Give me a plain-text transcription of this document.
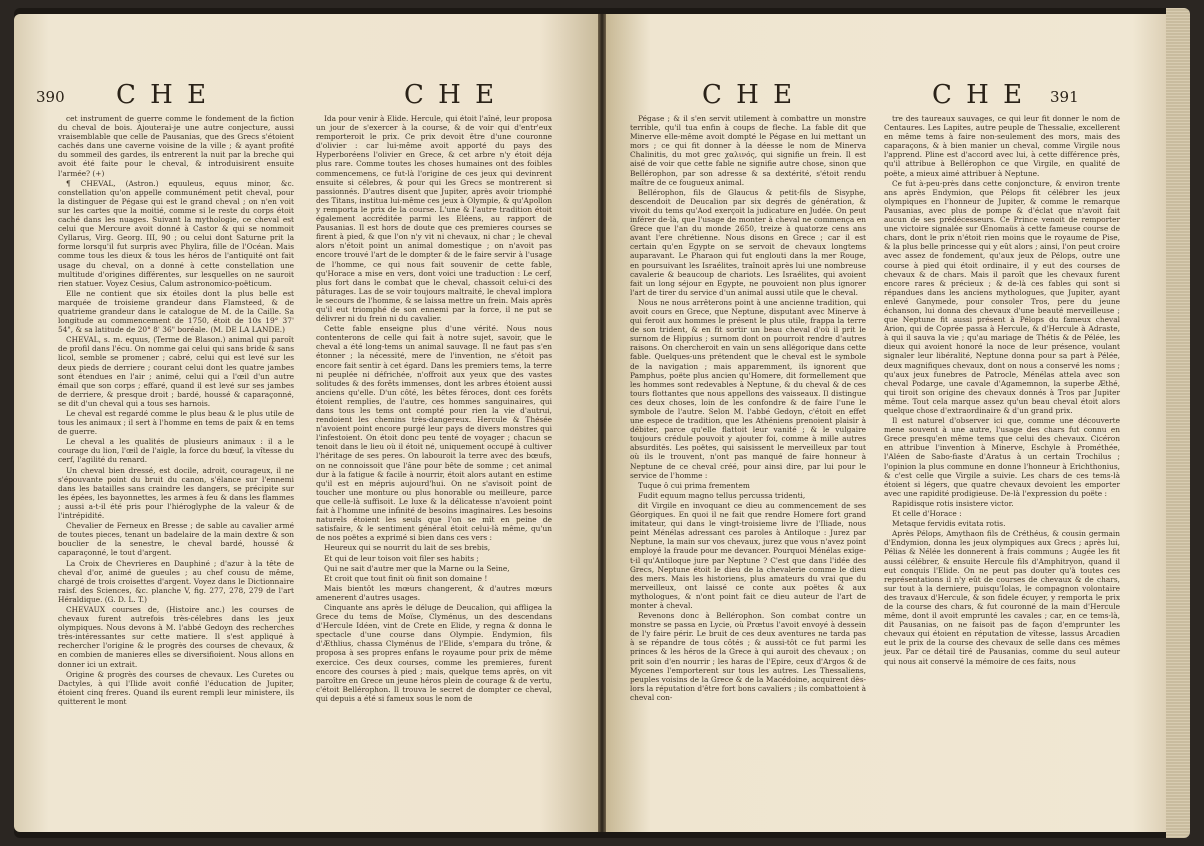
390 C H E	C H E

cet instrument de guerre comme le fondement de la fiction du cheval de bois. Ajouterai-je une autre conjecture, aussi vraisemblable que celle de Pausanias, que des Grecs s'étoient cachés dans une caverne voisine de la ville ; & ayant profité du sommeil des gardes, ils entrerent la nuit par la breche qui avoit été faite pour le cheval, & introduisirent ensuite l'armée? (+)

¶ CHEVAL, (Astron.) equuleus, equus minor, &c. constellation qu'on appelle communément petit cheval, pour la distinguer de Pégase qui est le grand cheval ; on n'en voit sur les cartes que la moitié, comme si le reste du corps étoit caché dans les nuages. Suivant la mythologie, ce cheval est celui que Mercure avoit donné à Castor & qui se nommoit Cyllarus, Virg. Georg. III, 90 ; ou celui dont Saturne prit la forme lorsqu'il fut surpris avec Phylira, fille de l'Océan. Mais comme tous les dieux & tous les héros de l'antiquité ont fait usage du cheval, on a donné à cette constellation une multitude d'origines différentes, sur lesquelles on ne sauroit rien statuer. Voyez Cesius, Calum astronomico-poëticum.

Elle ne contient que six étoiles dont la plus belle est marquée de troisieme grandeur dans Flamsteed, & de quatrieme grandeur dans le catalogue de M. de la Caille. Sa longitude au commencement de 1750, étoit de 10s 19° 37' 54", & sa latitude de 20° 8' 36" boréale. (M. DE LA LANDE.)

CHEVAL, s. m. equus, (Terme de Blason.) animal qui paroît de profil dans l'écu. On nomme gai celui qui sans bride & sans licol, semble se promener ; cabré, celui qui est levé sur les deux pieds de derriere ; courant celui dont les quatre jambes sont étendues en l'air ; animé, celui qui a l'œil d'un autre émail que son corps ; effaré, quand il est levé sur ses jambes de derriere, & presque droit ; bardé, houssé & caparaçonné, se dit d'un cheval qui a tous ses harnois.

Le cheval est regardé comme le plus beau & le plus utile de tous les animaux ; il sert à l'homme en tems de paix & en tems de guerre.

Le cheval a les qualités de plusieurs animaux : il a le courage du lion, l'œil de l'aigle, la force du bœuf, la vîtesse du cerf, l'agilité du renard.

Un cheval bien dressé, est docile, adroit, courageux, il ne s'épouvante point du bruit du canon, s'élance sur l'ennemi dans les batailles sans craindre les dangers, se précipite sur les épées, les bayonnettes, les armes à feu & dans les flammes ; aussi a-t-il été pris pour l'hiéroglyphe de la valeur & de l'intrépidité.

Chevalier de Ferneux en Bresse ; de sable au cavalier armé de toutes pieces, tenant un badelaire de la main dextre & son bouclier de la senestre, le cheval bardé, houssé & caparaçonné, le tout d'argent.

La Croix de Chevrieres en Dauphiné ; d'azur à la tête de cheval d'or, animé de gueules ; au chef cousu de même, chargé de trois croisettes d'argent. Voyez dans le Dictionnaire raisf. des Sciences, &c. planche V, fig. 277, 278, 279 de l'art Héraldique. (G. D. L. T.)

CHEVAUX courses de, (Histoire anc.) les courses de chevaux furent autrefois très-célebres dans les jeux olympiques. Nous devons à M. l'abbé Gedoyn des recherches très-intéressantes sur cette matiere. Il s'est appliqué à rechercher l'origine & le progrès des courses de chevaux, & en combien de manieres elles se diversifioient. Nous allons en donner ici un extrait.

Origine & progrès des courses de chevaux. Les Curetes ou Dactyles, à qui l'Ilide avoit confié l'éducation de Jupiter, étoient cinq freres. Quand ils eurent rempli leur ministere, ils quitterent le mont

Ida pour venir à Elide. Hercule, qui étoit l'aîné, leur proposa un jour de s'exercer à la course, & de voir qui d'entr'eux remporteroit le prix. Ce prix devoit être d'une couronne d'olivier : car lui-même avoit apporté du pays des Hyperboréens l'olivier en Grece, & cet arbre n'y étoit déja plus rare. Comme toutes les choses humaines ont des foibles commencemens, ce fut-là l'origine de ces jeux qui devinrent ensuite si célebres, & pour qui les Grecs se montrerent si passionnés. D'autres disent que Jupiter, après avoir triomphé des Titans, institua lui-même ces jeux à Olympie, & qu'Apollon y remporta le prix de la course. L'une & l'autre tradition étoit également accréditée parmi les Eléens, au rapport de Pausanias. Il est hors de doute que ces premieres courses se firent à pied, & que l'on n'y vit ni chevaux, ni char ; le cheval alors n'étoit point un animal domestique ; on n'avoit pas encore trouvé l'art de le dompter & de le faire servir à l'usage de l'homme, ce qui nous fait souvenir de cette fable, qu'Horace a mise en vers, dont voici une traduction : Le cerf, plus fort dans le combat que le cheval, chassoit celui-ci des pâturages. Las de se voir toujours maltraité, le cheval implora le secours de l'homme, & se laissa mettre un frein. Mais après qu'il eut triomphé de son ennemi par la force, il ne put se délivrer ni du frein ni du cavalier.

Cette fable enseigne plus d'une vérité. Nous nous contenterons de celle qui fait à notre sujet, savoir, que le cheval a été long-tems un animal sauvage. Il ne faut pas s'en étonner ; la nécessité, mere de l'invention, ne s'étoit pas encore fait sentir à cet égard. Dans les premiers tems, la terre ni peuplée ni défrichée, n'offroit aux yeux que des vastes solitudes & des forêts immenses, dont les arbres étoient aussi anciens qu'elle. D'un côté, les bêtes féroces, dont ces forêts étoient remplies, de l'autre, ces hommes sanguinaires, qui dans tous les tems ont compté pour rien la vie d'autrui, rendoient les chemins très-dangereux. Hercule & Thésée n'avoient point encore purgé leur pays de divers monstres qui l'infestoient. On étoit donc peu tenté de voyager ; chacun se tenoit dans le lieu où il étoit né, uniquement occupé à cultiver l'héritage de ses peres. On labouroit la terre avec des bœufs, on ne connoissoit que l'âne pour bête de somme ; cet animal dur à la fatigue & facile à nourrir, étoit alors autant en estime qu'il est en mépris aujourd'hui. On ne s'avisoit point de toucher une monture ou plus honorable ou meilleure, parce que celle-là suffisoit. Le luxe & la délicatesse n'avoient point fait à l'homme une infinité de besoins imaginaires. Les besoins naturels étoient les seuls que l'on se mît en peine de satisfaire, & le sentiment général étoit celui-là même, qu'un de nos poëtes a exprimé si bien dans ces vers :

Heureux qui se nourrit du lait de ses brebis,

Et qui de leur toison voit filer ses habits ;

Qui ne sait d'autre mer que la Marne ou la Seine,

Et croit que tout finit où finit son domaine !

Mais bientôt les mœurs changerent, & d'autres mœurs amenerent d'autres usages.

Cinquante ans après le déluge de Deucalion, qui affligea la Grece du tems de Moïse, Clyménus, un des descendans d'Hercule Idéen, vint de Crete en Elide, y regna & donna le spectacle d'une course dans Olympie. Endymion, fils d'Æthlius, chassa Clyménus de l'Elide, s'empara du trône, & proposa à ses propres enfans le royaume pour prix de même exercice. Ces deux courses, comme les premieres, furent encore des courses à pied ; mais, quelque tems après, on vit paroître en Grece un jeune héros plein de courage & de vertu, c'étoit Bellérophon. Il trouva le secret de dompter ce cheval, qui depuis a été si fameux sous le nom de

C H E	C H E 391

Pégase ; & il s'en servit utilement à combattre un monstre terrible, qu'il tua enfin à coups de fleche. La fable dit que Minerve elle-même avoit dompté le Pégase en lui mettant un mors ; ce qui fit donner à la déesse le nom de Minerva Chalinitis, du mot grec χαλινός, qui signifie un frein. Il est aisé de voir que cette fable ne signifie autre chose, sinon que Bellérophon, par son adresse & sa dextérité, s'étoit rendu maître de ce fougueux animal.

Bellérophon, fils de Glaucus & petit-fils de Sisyphe, descendoit de Deucalion par six degrés de génération, & vivoit du tems qu'Aod exerçoit la judicature en Judée. On peut inférer de-là, que l'usage de monter à cheval ne commença en Grece que l'an du monde 2650, treize à quatorze cens ans avant l'ere chrétienne. Nous disons en Grece ; car il est certain qu'en Egypte on se servoit de chevaux longtems auparavant. Le Pharaon qui fut englouti dans la mer Rouge, en poursuivant les Israélites, traînoit après lui une nombreuse cavalerie & beaucoup de chariots. Les Israélites, qui avoient fait un long séjour en Egypte, ne pouvoient non plus ignorer l'art de tirer du service d'un animal aussi utile que le cheval.

Nous ne nous arrêterons point à une ancienne tradition, qui avoit cours en Grece, que Neptune, disputant avec Minerve à qui feroit aux hommes le présent le plus utile, frappa la terre de son trident, & en fit sortir un beau cheval d'où il prit le surnom de Hippius ; surnom dont on pourroit rendre d'autres raisons. On chercheroit en vain un sens allégorique dans cette fable. Quelques-uns prétendent que le cheval est le symbole de la navigation ; mais apparemment, ils ignorent que Pamphus, poëte plus ancien qu'Homere, dit formellement que les hommes sont redevables à Neptune, & du cheval & de ces tours flottantes que nous appellons des vaisseaux. Il distingue ces deux choses, loin de les confondre & de faire l'une le symbole de l'autre. Selon M. l'abbé Gedoyn, c'étoit en effet une espece de tradition, que les Athéniens prenoient plaisir à débiter, parce qu'elle flattoit leur vanité ; & le vulgaire toujours crédule pouvoit y ajouter foi, comme à mille autres absurdités. Les poëtes, qui saisissent le merveilleux par tout où ils le trouvent, n'ont pas manqué de faire honneur à Neptune de ce cheval créé, pour ainsi dire, par lui pour le service de l'homme :

Tuque ô cui prima frementem

Fudit equum magno tellus percussa tridenti,

dit Virgile en invoquant ce dieu au commencement de ses Géorgiques. En quoi il ne fait que rendre Homere fort grand imitateur, qui dans le vingt-troisieme livre de l'Iliade, nous peint Ménélas adressant ces paroles à Antiloque : Jurez par Neptune, la main sur vos chevaux, jurez que vous n'avez point employé la fraude pour me devancer. Pourquoi Ménélas exige-t-il qu'Antiloque jure par Neptune ? C'est que dans l'idée des Grecs, Neptune étoit le dieu de la chevalerie comme le dieu des mers. Mais les historiens, plus amateurs du vrai que du merveilleux, ont laissé ce conte aux poëtes & aux mythologues, & n'ont point fait ce dieu auteur de l'art de monter à cheval.

Revenons donc à Bellérophon. Son combat contre un monstre se passa en Lycie, où Prœtus l'avoit envoyé à dessein de l'y faire périr. Le bruit de ces deux aventures ne tarda pas à se répandre de tous côtés ; & aussi-tôt ce fut parmi les princes & les héros de la Grece à qui auroit des chevaux ; on prit soin d'en nourrir ; les haras de l'Epire, ceux d'Argos & de Mycenes l'emporterent sur tous les autres. Les Thessaliens, peuples voisins de la Grece & de la Macédoine, acquirent dès-lors la réputation d'être fort bons cavaliers ; ils combattoient à cheval con-

tre des taureaux sauvages, ce qui leur fit donner le nom de Centaures. Les Lapites, autre peuple de Thessalie, excellerent en même tems à faire non-seulement des mors, mais des caparaçons, & à bien manier un cheval, comme Virgile nous l'apprend. Pline est d'accord avec lui, à cette différence près, qu'il attribue à Bellérophon ce que Virgile, en qualité de poëte, a mieux aimé attribuer à Neptune.

Ce fut à-peu-près dans cette conjoncture, & environ trente ans après Endymion, que Pélops fit célébrer les jeux olympiques en l'honneur de Jupiter, & comme le remarque Pausanias, avec plus de pompe & d'éclat que n'avoit fait aucun de ses prédécesseurs. Ce Prince venoit de remporter une victoire signalée sur Œnomaüs à cette fameuse course de chars, dont le prix n'étoit rien moins que le royaume de Pise, & la plus belle princesse qui y eût alors ; ainsi, l'on peut croire avec assez de fondement, qu'aux jeux de Pélops, outre une course à pied qui étoit ordinaire, il y eut des courses de chevaux & de chars. Mais il paroît que les chevaux furent encore rares & précieux ; & de-là ces fables qui sont si répandues dans les anciens mythologues, que Jupiter, ayant enlevé Ganymede, pour consoler Tros, pere du jeune échanson, lui donna des chevaux d'une beauté merveilleuse ; que Neptune fit aussi présent à Pélops du fameux cheval Arion, qui de Coprée passa à Hercule, & d'Hercule à Adraste, à qui il sauva la vie ; qu'au mariage de Thétis & de Pélée, les dieux qui avoient honoré la noce de leur présence, voulant signaler leur libéralité, Neptune donna pour sa part à Pélée, deux magnifiques chevaux, dont on nous a conservé les noms ; qu'aux jeux funebres de Patrocle, Ménélas attela avec son cheval Podarge, une cavale d'Agamemnon, la superbe Æthé, qui tiroit son origine des chevaux donnés à Tros par Jupiter même. Tout cela marque assez qu'un beau cheval étoit alors quelque chose d'extraordinaire & d'un grand prix.

Il est naturel d'observer ici que, comme une découverte mene souvent à une autre, l'usage des chars fut connu en Grece presqu'en même tems que celui des chevaux. Cicéron en attribue l'invention à Minerve, Eschyle à Prométhée, l'Aléen de Sabo-fiaste d'Aratus à un certain Trochilus ; l'opinion la plus commune en donne l'honneur à Erichthonius, & c'est celle que Virgile a suivie. Les chars de ces tems-là étoient si légers, que quatre chevaux devoient les emporter avec une rapidité prodigieuse. De-là l'expression du poëte :

Rapidisque rotis insistere victor.

Et celle d'Horace :

Metaque fervidis evitata rotis.

Après Pélops, Amythaon fils de Créthéus, & cousin germain d'Endymion, donna les jeux olympiques aux Grecs ; après lui, Pélias & Nélée les donnerent à frais communs ; Augée les fit aussi célébrer, & ensuite Hercule fils d'Amphitryon, quand il eut conquis l'Elide. On ne peut pas douter qu'à toutes ces représentations il n'y eût de courses de chevaux & de chars, sur tout à la derniere, puisqu'Iolas, le compagnon volontaire des travaux d'Hercule, & son fidele écuyer, y remporta le prix de la course des chars, & fut couronné de la main d'Hercule même, dont il avoit emprunté les cavales ; car, en ce tems-là, dit Pausanias, on ne faisoit pas de façon d'emprunter les chevaux qui étoient en réputation de vîtesse, lassus Arcadien eut le prix de la course des chevaux de selle dans ces mêmes jeux. Par ce détail tiré de Pausanias, comme du seul auteur qui nous ait conservé la mémoire de ces faits, nous
